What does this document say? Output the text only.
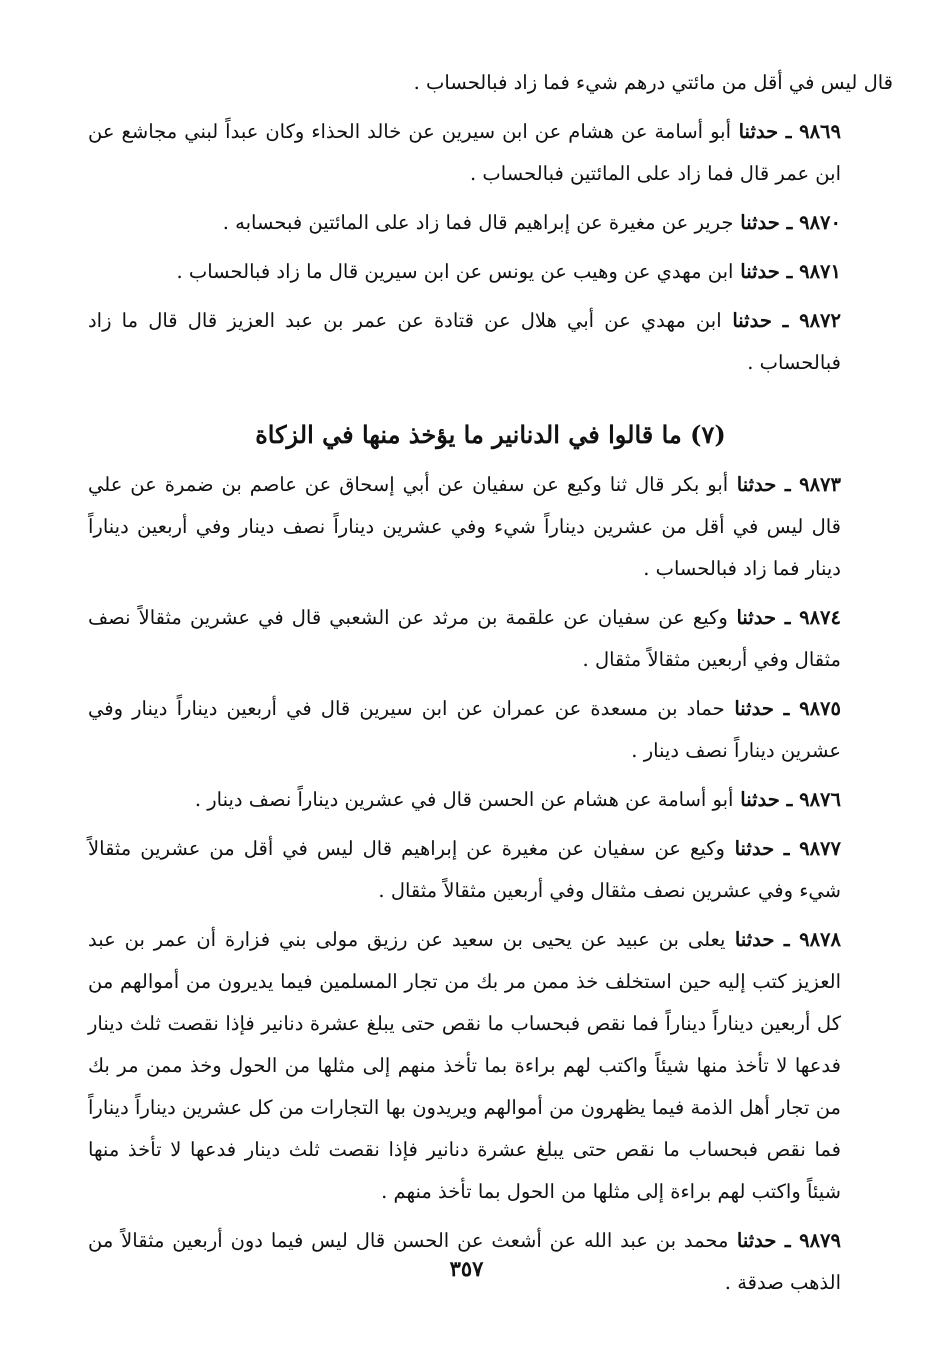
قال ليس في أقل من مائتي درهم شيء فما زاد فبالحساب .

٩٨٦٩ ـ حدثنا أبو أسامة عن هشام عن ابن سيرين عن خالد الحذاء وكان عبداً لبني مجاشع عن ابن عمر قال فما زاد على المائتين فبالحساب .

٩٨٧٠ ـ حدثنا جرير عن مغيرة عن إبراهيم قال فما زاد على المائتين فبحسابه .

٩٨٧١ ـ حدثنا ابن مهدي عن وهيب عن يونس عن ابن سيرين قال ما زاد فبالحساب .

٩٨٧٢ ـ حدثنا ابن مهدي عن أبي هلال عن قتادة عن عمر بن عبد العزيز قال قال ما زاد فبالحساب .

(٧) ما قالوا في الدنانير ما يؤخذ منها في الزكاة

٩٨٧٣ ـ حدثنا أبو بكر قال ثنا وكيع عن سفيان عن أبي إسحاق عن عاصم بن ضمرة عن علي قال ليس في أقل من عشرين ديناراً شيء وفي عشرين ديناراً نصف دينار وفي أربعين ديناراً دينار فما زاد فبالحساب .

٩٨٧٤ ـ حدثنا وكيع عن سفيان عن علقمة بن مرثد عن الشعبي قال في عشرين مثقالاً نصف مثقال وفي أربعين مثقالاً مثقال .

٩٨٧٥ ـ حدثنا حماد بن مسعدة عن عمران عن ابن سيرين قال في أربعين ديناراً دينار وفي عشرين ديناراً نصف دينار .

٩٨٧٦ ـ حدثنا أبو أسامة عن هشام عن الحسن قال في عشرين ديناراً نصف دينار .

٩٨٧٧ ـ حدثنا وكيع عن سفيان عن مغيرة عن إبراهيم قال ليس في أقل من عشرين مثقالاً شيء وفي عشرين نصف مثقال وفي أربعين مثقالاً مثقال .

٩٨٧٨ ـ حدثنا يعلى بن عبيد عن يحيى بن سعيد عن رزيق مولى بني فزارة أن عمر بن عبد العزيز كتب إليه حين استخلف خذ ممن مر بك من تجار المسلمين فيما يديرون من أموالهم من كل أربعين ديناراً ديناراً فما نقص فبحساب ما نقص حتى يبلغ عشرة دنانير فإذا نقصت ثلث دينار فدعها لا تأخذ منها شيئاً واكتب لهم براءة بما تأخذ منهم إلى مثلها من الحول وخذ ممن مر بك من تجار أهل الذمة فيما يظهرون من أموالهم ويريدون بها التجارات من كل عشرين ديناراً ديناراً فما نقص فبحساب ما نقص حتى يبلغ عشرة دنانير فإذا نقصت ثلث دينار فدعها لا تأخذ منها شيئاً واكتب لهم براءة إلى مثلها من الحول بما تأخذ منهم .

٩٨٧٩ ـ حدثنا محمد بن عبد الله عن أشعث عن الحسن قال ليس فيما دون أربعين مثقالاً من الذهب صدقة .

٣٥٧
